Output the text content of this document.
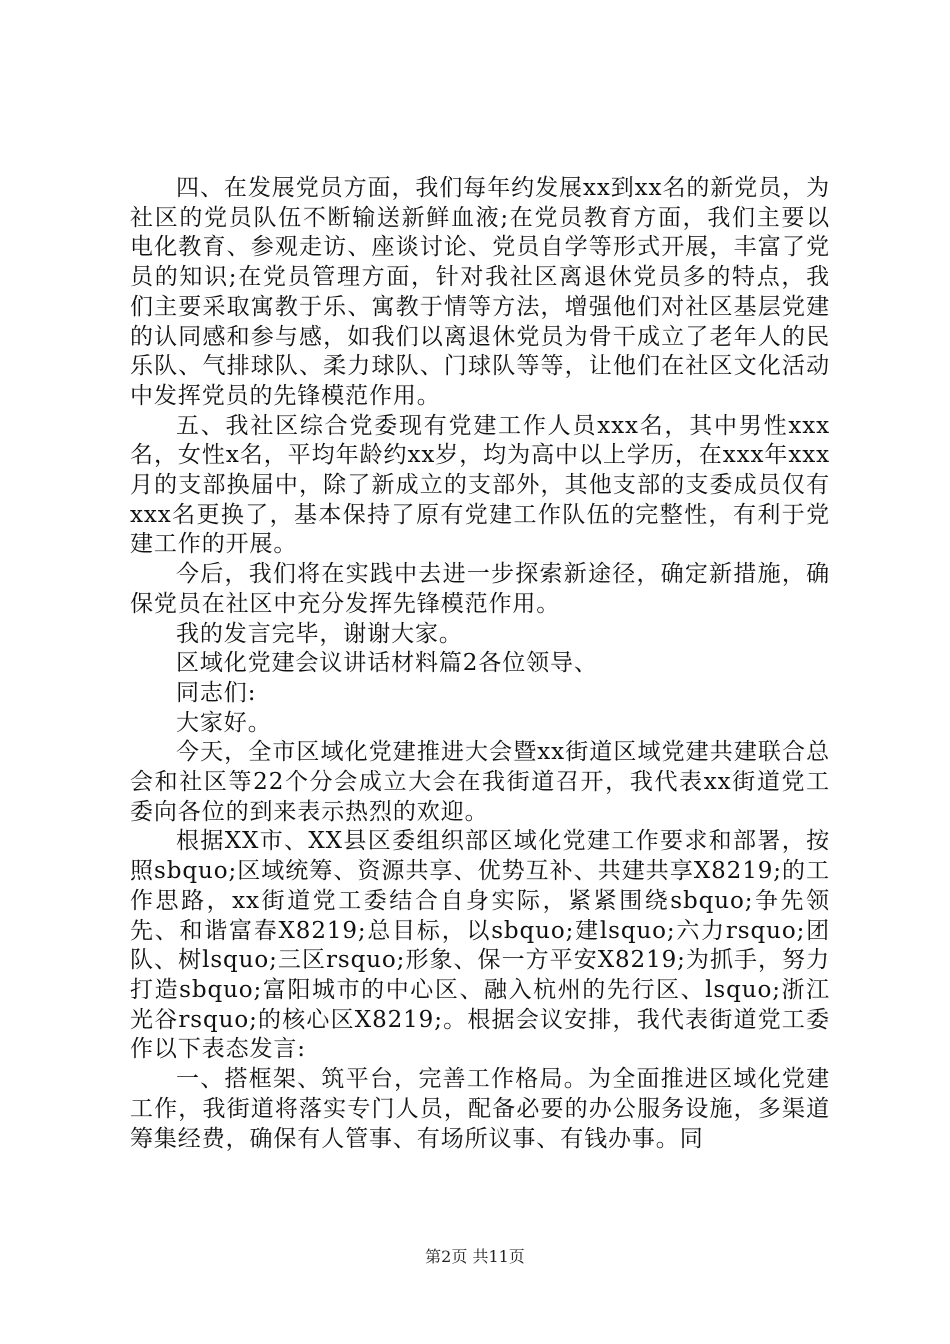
四、在发展党员方面，我们每年约发展xx到xx名的新党员，为社区的党员队伍不断输送新鲜血液;在党员教育方面，我们主要以电化教育、参观走访、座谈讨论、党员自学等形式开展，丰富了党员的知识;在党员管理方面，针对我社区离退休党员多的特点，我们主要采取寓教于乐、寓教于情等方法，增强他们对社区基层党建的认同感和参与感，如我们以离退休党员为骨干成立了老年人的民乐队、气排球队、柔力球队、门球队等等，让他们在社区文化活动中发挥党员的先锋模范作用。

五、我社区综合党委现有党建工作人员xxx名，其中男性xxx名，女性x名，平均年龄约xx岁，均为高中以上学历，在xxx年xxx月的支部换届中，除了新成立的支部外，其他支部的支委成员仅有xxx名更换了，基本保持了原有党建工作队伍的完整性，有利于党建工作的开展。

今后，我们将在实践中去进一步探索新途径，确定新措施，确保党员在社区中充分发挥先锋模范作用。

我的发言完毕，谢谢大家。

区域化党建会议讲话材料篇2各位领导、

同志们:

大家好。

今天，全市区域化党建推进大会暨xx街道区域党建共建联合总会和社区等22个分会成立大会在我街道召开，我代表xx街道党工委向各位的到来表示热烈的欢迎。

根据XX市、XX县区委组织部区域化党建工作要求和部署，按照sbquo;区域统筹、资源共享、优势互补、共建共享X8219;的工作思路，xx街道党工委结合自身实际，紧紧围绕sbquo;争先领先、和谐富春X8219;总目标，以sbquo;建lsquo;六力rsquo;团队、树lsquo;三区rsquo;形象、保一方平安X8219;为抓手，努力打造sbquo;富阳城市的中心区、融入杭州的先行区、lsquo;浙江光谷rsquo;的核心区X8219;。根据会议安排，我代表街道党工委作以下表态发言:

一、搭框架、筑平台，完善工作格局。为全面推进区域化党建工作，我街道将落实专门人员，配备必要的办公服务设施，多渠道筹集经费，确保有人管事、有场所议事、有钱办事。同

第2页 共11页
